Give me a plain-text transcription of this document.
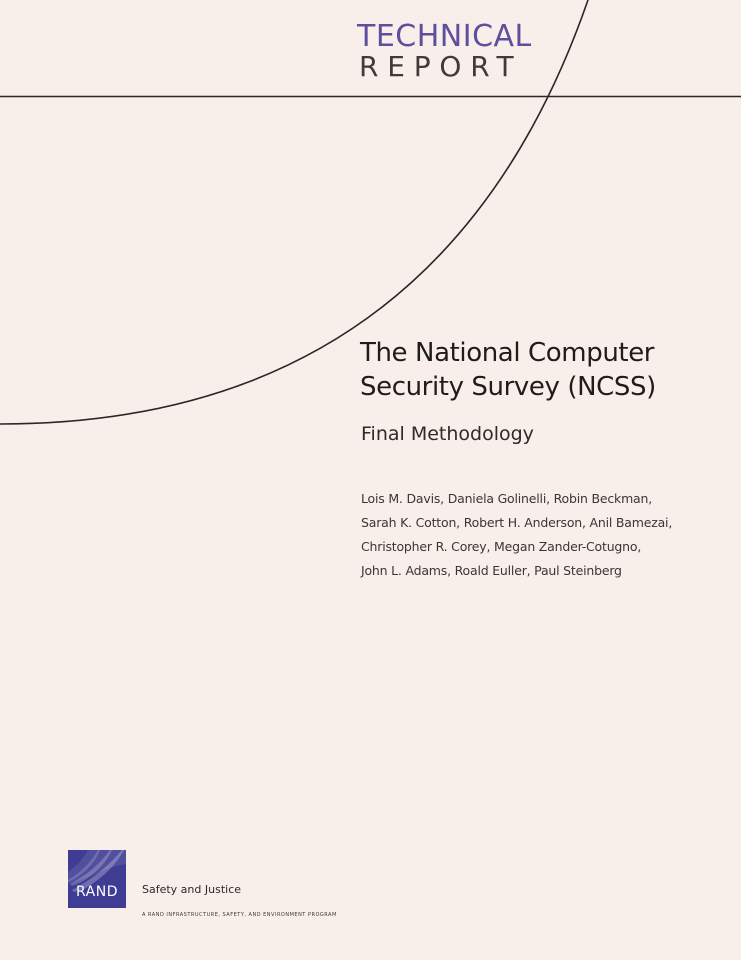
TECHNICAL
REPORT
The National Computer
Security Survey (NCSS)
Final Methodology
Lois M. Davis, Daniela Golinelli, Robin Beckman,
Sarah K. Cotton, Robert H. Anderson, Anil Bamezai,
Christopher R. Corey, Megan Zander-Cotugno,
John L. Adams, Roald Euller, Paul Steinberg
RAND	Safety and Justice
A RAND INFRASTRUCTURE, SAFETY, AND ENVIRONMENT PROGRAM
